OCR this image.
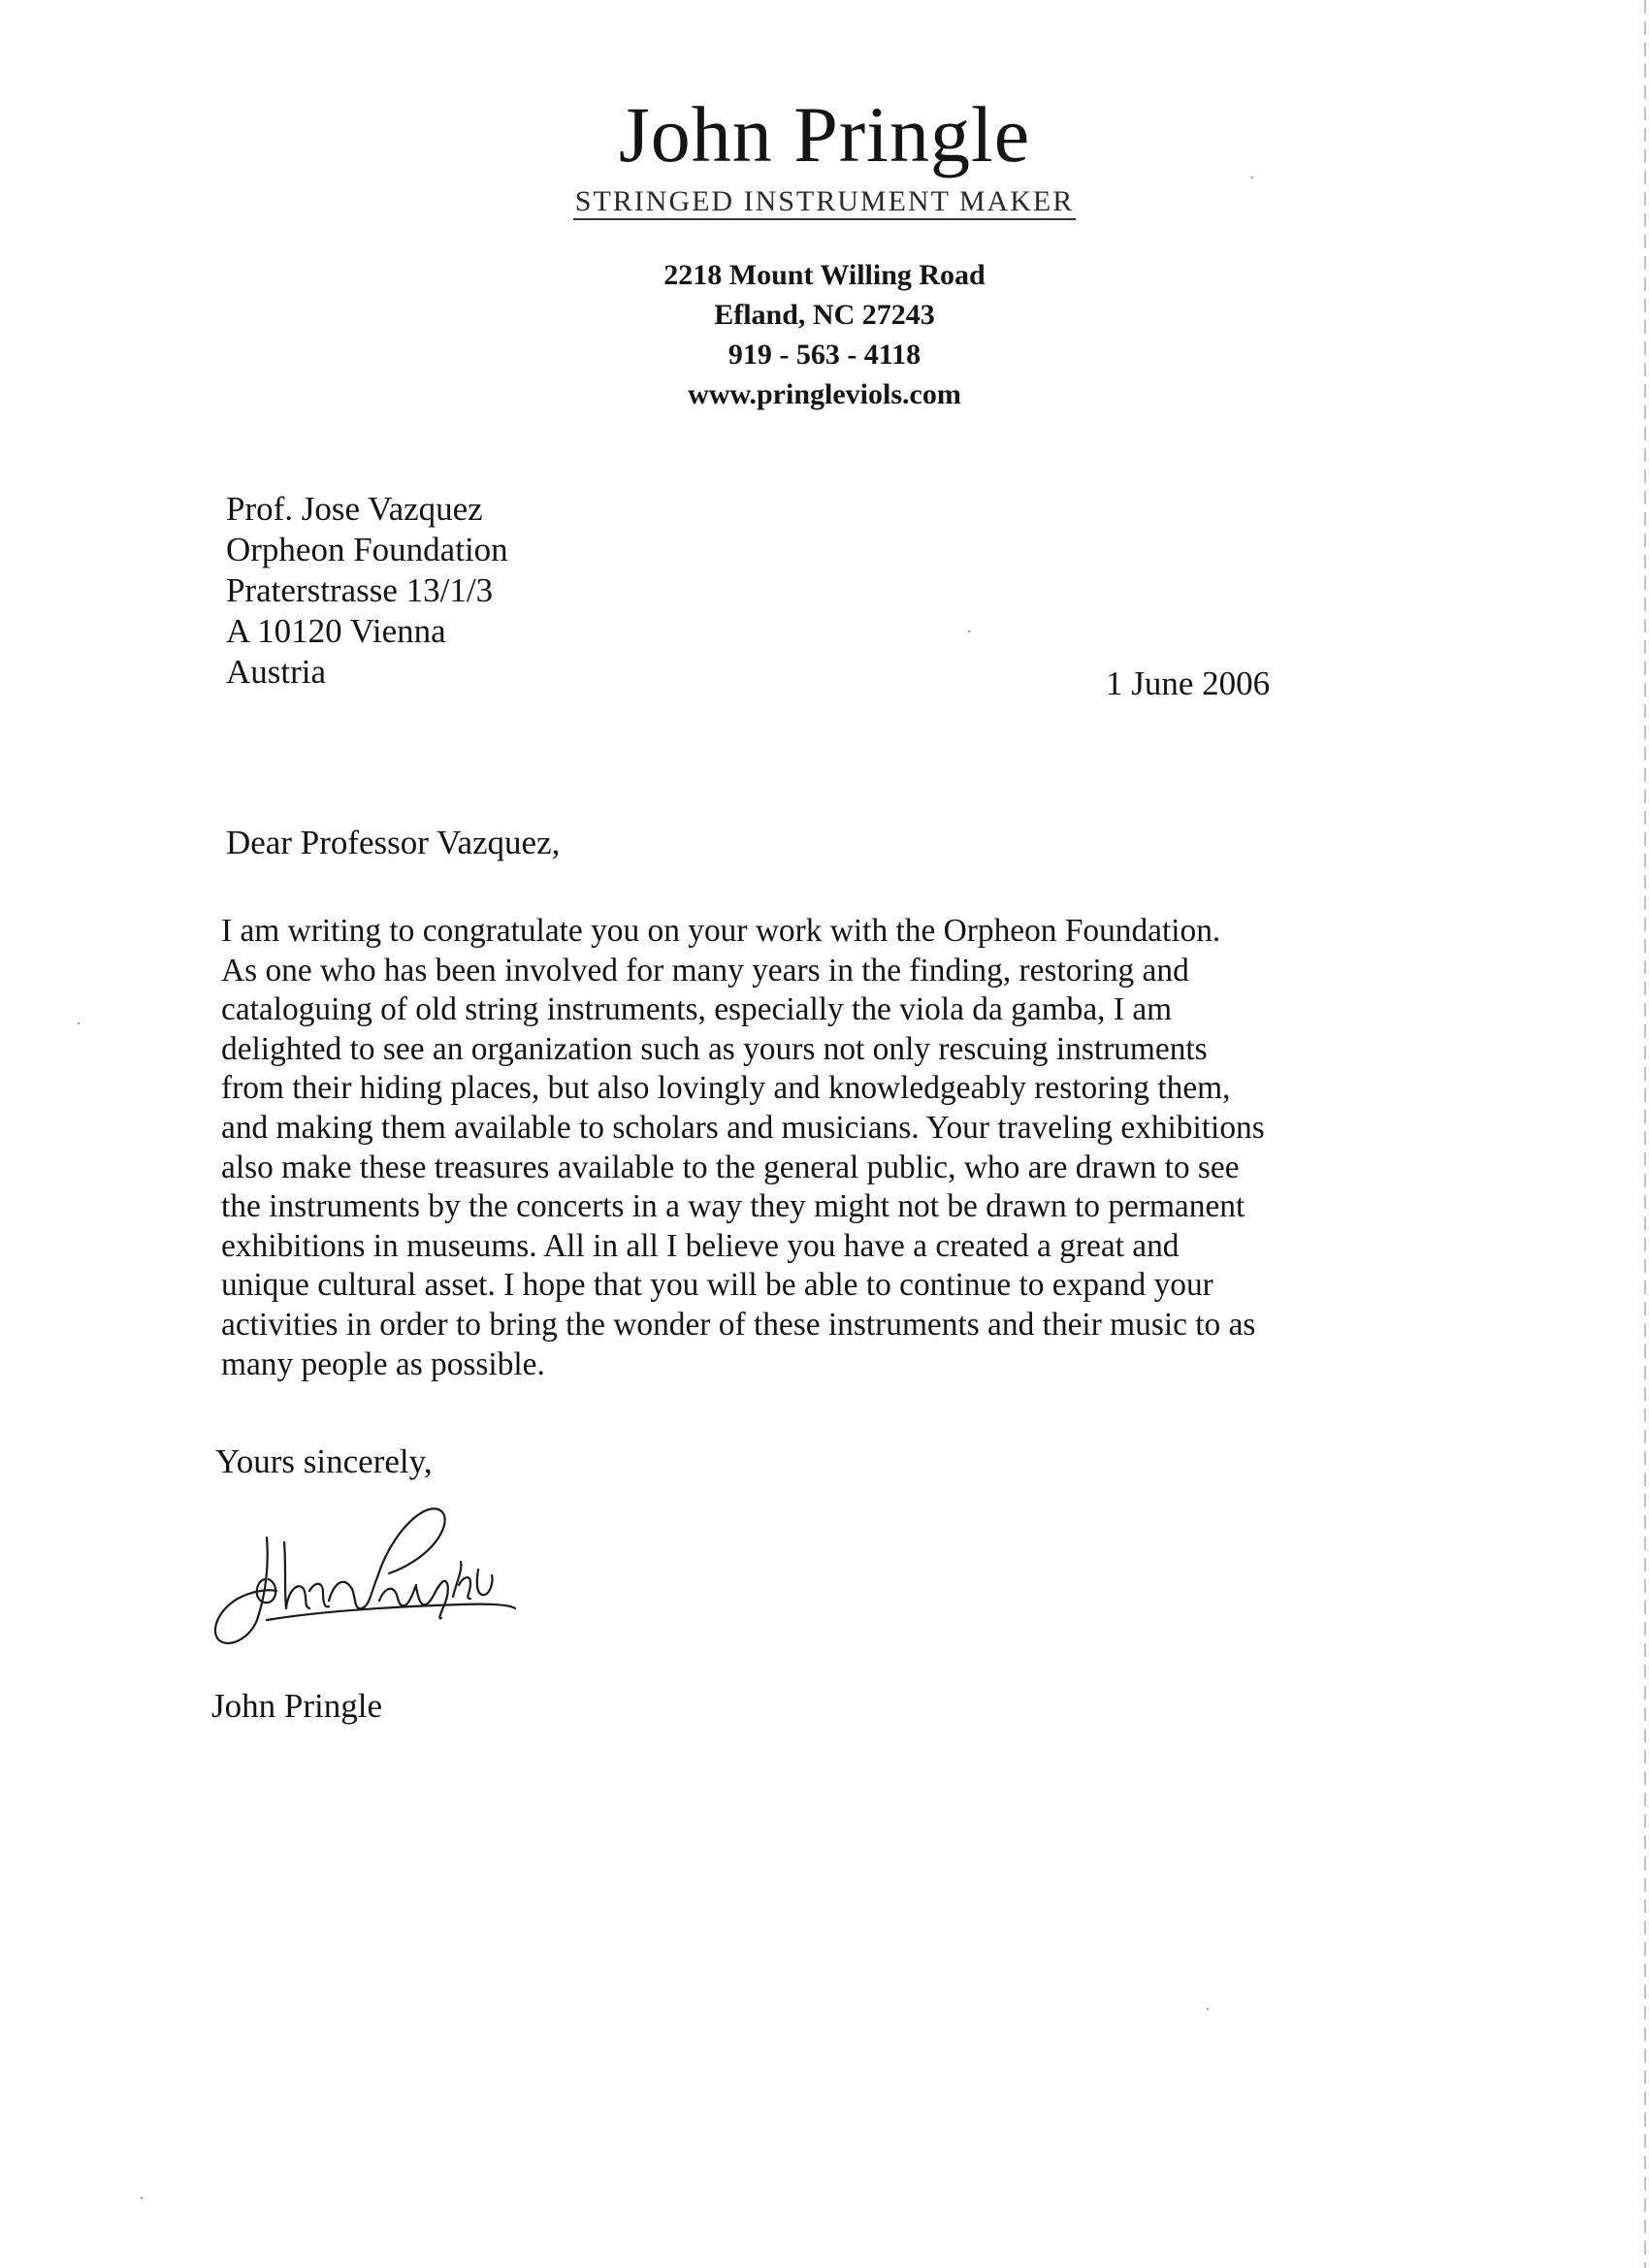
John Pringle
STRINGED INSTRUMENT MAKER
2218 Mount Willing Road
Efland, NC 27243
919 - 563 - 4118
www.pringleviols.com
Prof. Jose Vazquez
Orpheon Foundation
Praterstrasse 13/1/3
A 10120 Vienna
Austria	1 June 2006
Dear Professor Vazquez,

I am writing to congratulate you on your work with the Orpheon Foundation.

As one who has been involved for many years in the finding, restoring and

cataloguing of old string instruments, especially the viola da gamba, I am

delighted to see an organization such as yours not only rescuing instruments

from their hiding places, but also lovingly and knowledgeably restoring them,

and making them available to scholars and musicians. Your traveling exhibitions

also make these treasures available to the general public, who are drawn to see

the instruments by the concerts in a way they might not be drawn to permanent

exhibitions in museums. All in all I believe you have a created a great and

unique cultural asset. I hope that you will be able to continue to expand your

activities in order to bring the wonder of these instruments and their music to as

many people as possible.

Yours sincerely,
John Pringle
